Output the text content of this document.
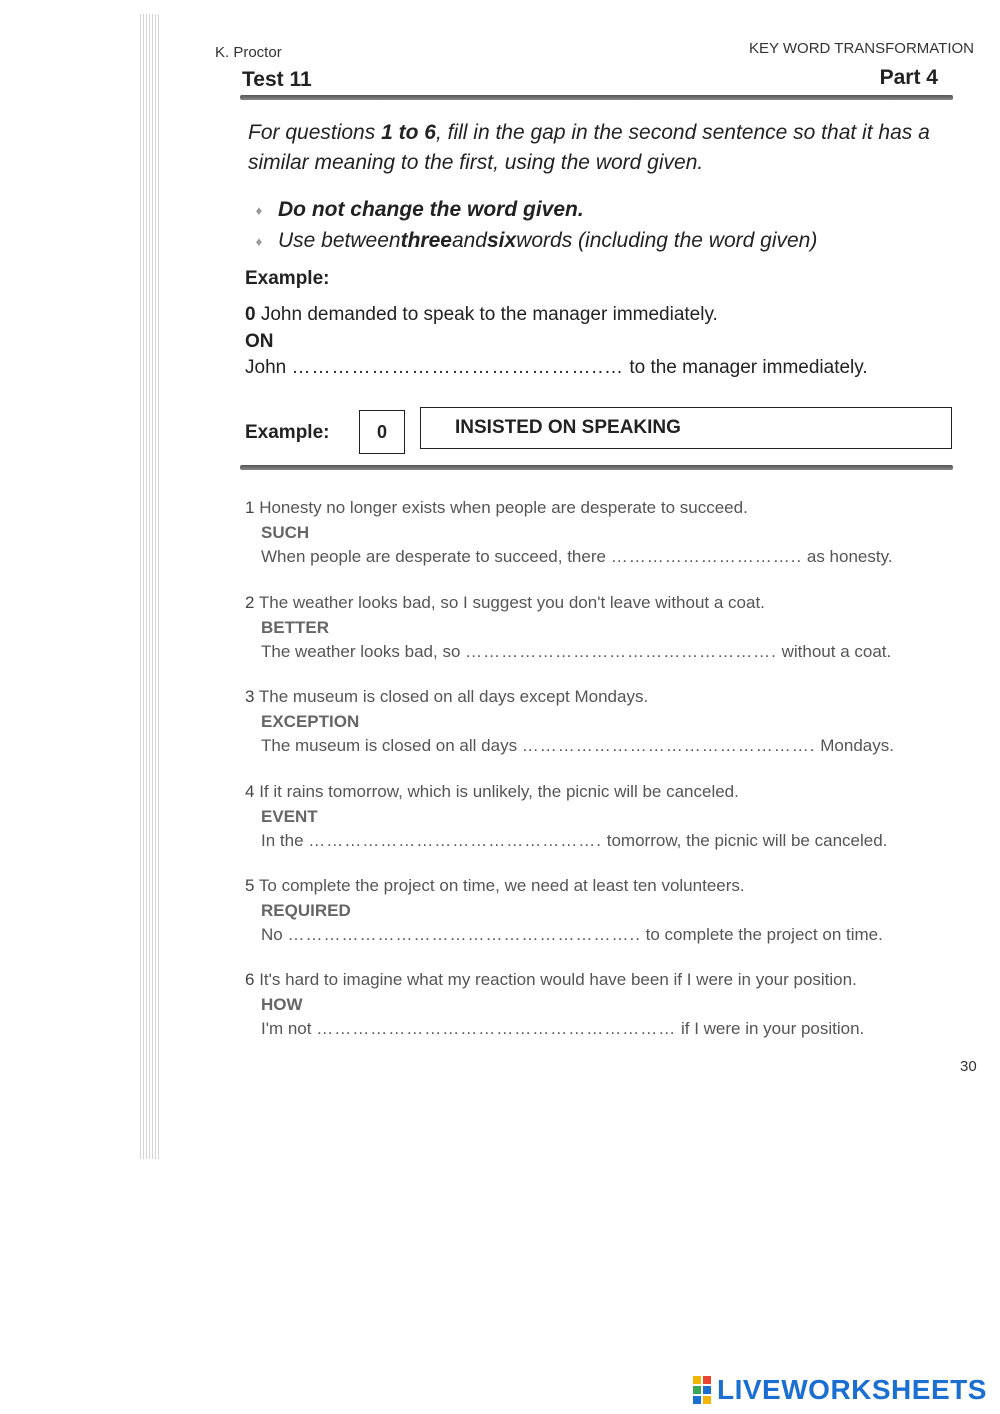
K. Proctor	KEY WORD TRANSFORMATION
Test 11	Part 4
For questions 1 to 6, fill in the gap in the second sentence so that it has a similar meaning to the first, using the word given.
♦ Do not change the word given.
♦ Use between three and six words (including the word given)
Example:
0 John demanded to speak to the manager immediately.
ON
John ………………………………………..… to the manager immediately.
Example:	0	INSISTED ON SPEAKING
1 Honesty no longer exists when people are desperate to succeed.
SUCH
When people are desperate to succeed, there ………………………….. as honesty.
2 The weather looks bad, so I suggest you don't leave without a coat.
BETTER
The weather looks bad, so ……………………………………………. without a coat.
3 The museum is closed on all days except Mondays.
EXCEPTION
The museum is closed on all days …………………………………………. Mondays.
4 If it rains tomorrow, which is unlikely, the picnic will be canceled.
EVENT
In the …………………………………………. tomorrow, the picnic will be canceled.
5 To complete the project on time, we need at least ten volunteers.
REQUIRED
No ………………………………………………….. to complete the project on time.
6 It's hard to imagine what my reaction would have been if I were in your position.
HOW
I'm not …………………………………………………… if I were in your position.
30
LIVEWORKSHEETS
